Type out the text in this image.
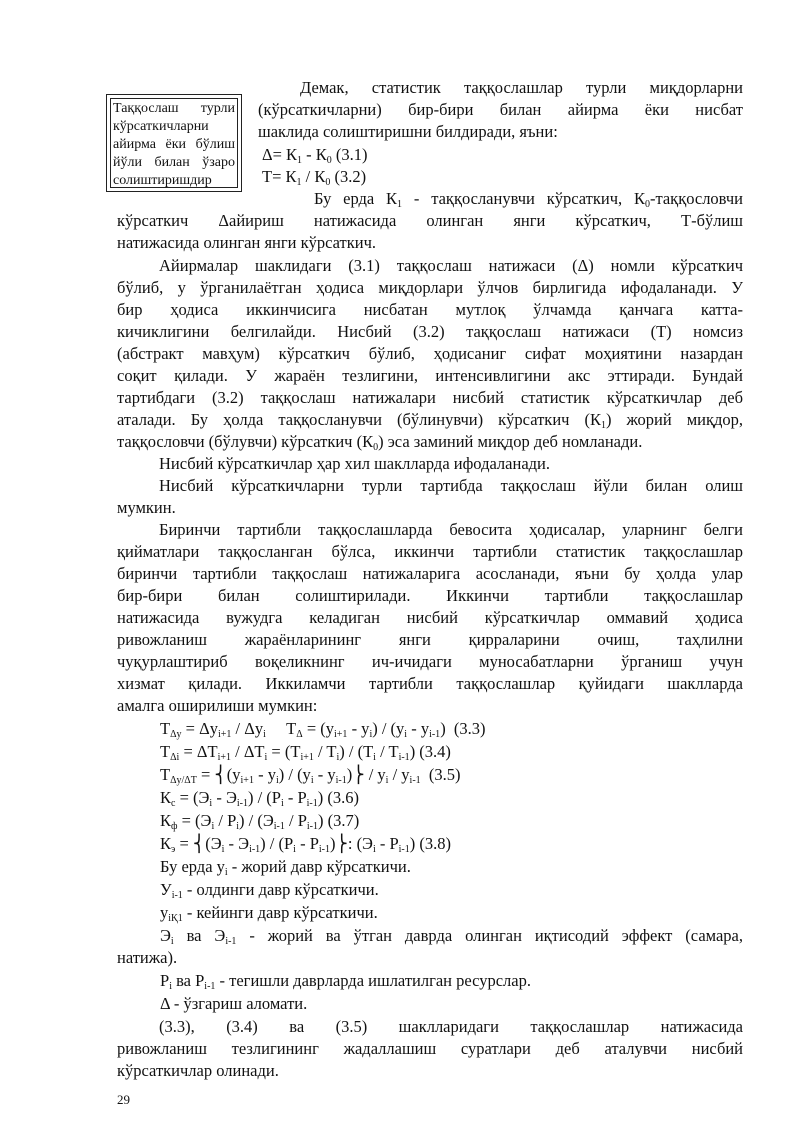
Таққослаш турли
кўрсаткичларни
айирма ёки бўлиш
йўли билан ўзаро
солиштиришдир

Демак, статистик таққослашлар турли миқдорларни

(кўрсаткичларни) бир-бири билан айирма ёки нисбат

шаклида солиштиришни билдиради, яъни:

$\Delta= К_1 - К_0$ (3.1)

$T= К_1 / К_0$ (3.2)

Бу ерда $К_1$ - таққосланувчи кўрсаткич, $К_0$-таққословчи

кўрсаткич Δайириш натижасида олинган янги кўрсаткич, Т-бўлиш

натижасида олинган янги кўрсаткич.

Айирмалар шаклидаги (3.1) таққослаш натижаси (Δ) номли кўрсаткич

бўлиб, у ўрганилаётган ҳодиса миқдорлари ўлчов бирлигида ифодаланади. У

бир ҳодиса иккинчисига нисбатан мутлоқ ўлчамда қанчага катта-

кичиклигини белгилайди. Нисбий (3.2) таққослаш натижаси (Т) номсиз

(абстракт мавҳум) кўрсаткич бўлиб, ҳодисаниг сифат моҳиятини назардан

соқит қилади. У жараён тезлигини, интенсивлигини акс эттиради. Бундай

тартибдаги (3.2) таққослаш натижалари нисбий статистик кўрсаткичлар деб

аталади. Бу ҳолда таққосланувчи (бўлинувчи) кўрсаткич $(К_1)$ жорий миқдор,

таққословчи (бўлувчи) кўрсаткич $(К_0)$ эса заминий миқдор деб номланади.

Нисбий кўрсаткичлар ҳар хил шаклларда ифодаланади.

Нисбий кўрсаткичларни турли тартибда таққослаш йўли билан олиш

мумкин.

Биринчи тартибли таққослашларда бевосита ҳодисалар, уларнинг белги

қийматлари таққосланган бўлса, иккинчи тартибли статистик таққослашлар

биринчи тартибли таққослаш натижаларига асосланади, яъни бу ҳолда улар

бир-бири билан солиштирилади. Иккинчи тартибли таққослашлар

натижасида вужудга келадиган нисбий кўрсаткичлар оммавий ҳодиса

ривожланиш жараёнларининг янги қирраларини очиш, таҳлилни

чуқурлаштириб воқеликнинг ич-ичидаги муносабатларни ўрганиш учун

хизмат қилади. Иккиламчи тартибли таққослашлар қуйидаги шаклларда

амалга оширилиши мумкин:

$T_{\Delta y} = \Delta y_{i+1} / \Delta y_i$     $T_\Delta = (y_{i+1} - y_i) / (y_i - y_{i-1})$  (3.3)

$T_{\Delta i} = \Delta T_{i+1} / \Delta T_i = (T_{i+1} / T_i) / (T_i / T_{i-1})$ (3.4)

$T_{\Delta y/\Delta T}$ = $⎨(y_{i+1} - y_i) / (y_i$ - $y_{i-1})⎬ / y_i / y_{i-1}$  (3.5)

$К_c = (Э_i - Э_{i-1}) / (Р_i - Р_{i-1})$ (3.6)

$К_ф = (Э_i / Р_i) / (Э_{i-1} / Р_{i-1})$ (3.7)

$К_э$ = $⎨(Э_i - Э_{i-1}) / (Р_i$ - $Р_{i-1})⎬$: $(Э_i - Р_{i-1})$ (3.8)

Бу ерда $y_i$ - жорий давр кўрсаткичи.

$У_{i-1}$ - олдинги давр кўрсаткичи.

$y_{iҚ1}$ - кейинги давр кўрсаткичи.

$Э_i$ ва $Э_{i-1}$ - жорий ва ўтган даврда олинган иқтисодий эффект (самара,

натижа).

$Р_i$ ва $Р_{i-1}$ - тегишли даврларда ишлатилган ресурслар.

Δ - ўзгариш аломати.

(3.3), (3.4) ва (3.5) шаклларидаги таққослашлар натижасида

ривожланиш тезлигининг жадаллашиш суратлари деб аталувчи нисбий

кўрсаткичлар олинади.

29
